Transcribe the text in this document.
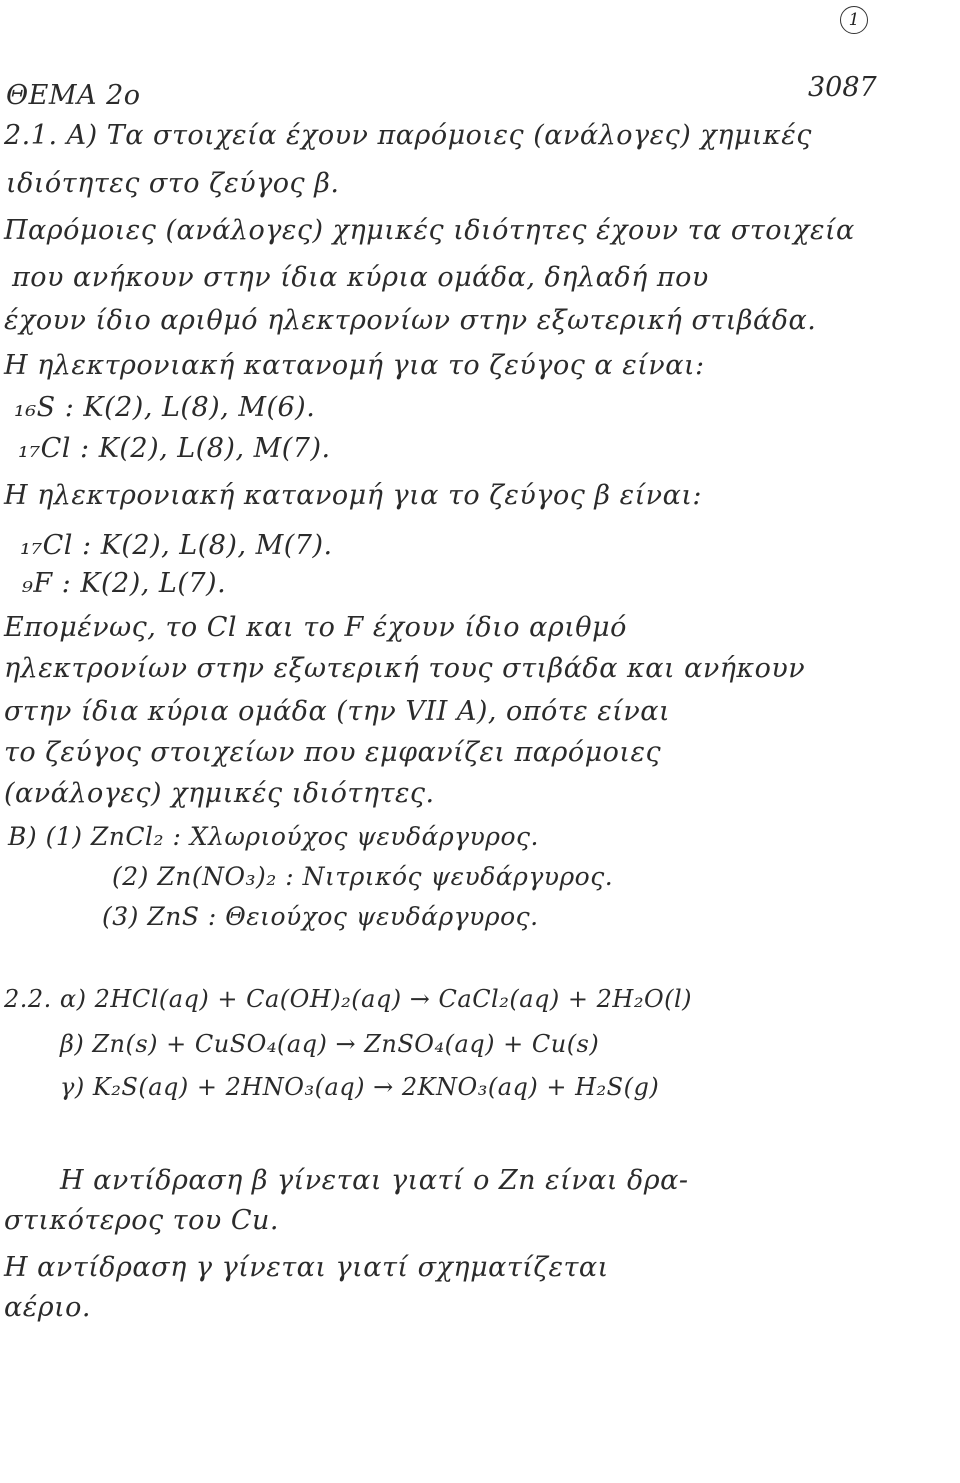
1
ΘΕΜΑ 2ο	3087
2.1. Α) Τα στοιχεία έχουν παρόμοιες (ανάλογες) χημικές
ιδιότητες στο ζεύγος β.
Παρόμοιες (ανάλογες) χημικές ιδιότητες έχουν τα στοιχεία
που ανήκουν στην ίδια κύρια ομάδα, δηλαδή που
έχουν ίδιο αριθμό ηλεκτρονίων στην εξωτερική στιβάδα.
Η ηλεκτρονιακή κατανομή για το ζεύγος α είναι:
₁₆S : K(2), L(8), M(6).
₁₇Cl : K(2), L(8), M(7).
Η ηλεκτρονιακή κατανομή για το ζεύγος β είναι:
₁₇Cl : K(2), L(8), M(7).
₉F : K(2), L(7).
Επομένως, το Cl και το F έχουν ίδιο αριθμό
ηλεκτρονίων στην εξωτερική τους στιβάδα και ανήκουν
στην ίδια κύρια ομάδα (την VII A), οπότε είναι
το ζεύγος στοιχείων που εμφανίζει παρόμοιες
(ανάλογες) χημικές ιδιότητες.
Β) (1) ZnCl₂ : Χλωριούχος ψευδάργυρος.
(2) Zn(NO₃)₂ : Νιτρικός ψευδάργυρος.
(3) ZnS : Θειούχος ψευδάργυρος.
2.2. α) 2HCl(aq) + Ca(OH)₂(aq) → CaCl₂(aq) + 2H₂O(l)
β) Zn(s) + CuSO₄(aq) → ZnSO₄(aq) + Cu(s)
γ) K₂S(aq) + 2HNO₃(aq) → 2KNO₃(aq) + H₂S(g)
Η αντίδραση β γίνεται γιατί ο Zn είναι δρα-
στικότερος του Cu.
Η αντίδραση γ γίνεται γιατί σχηματίζεται
αέριο.
